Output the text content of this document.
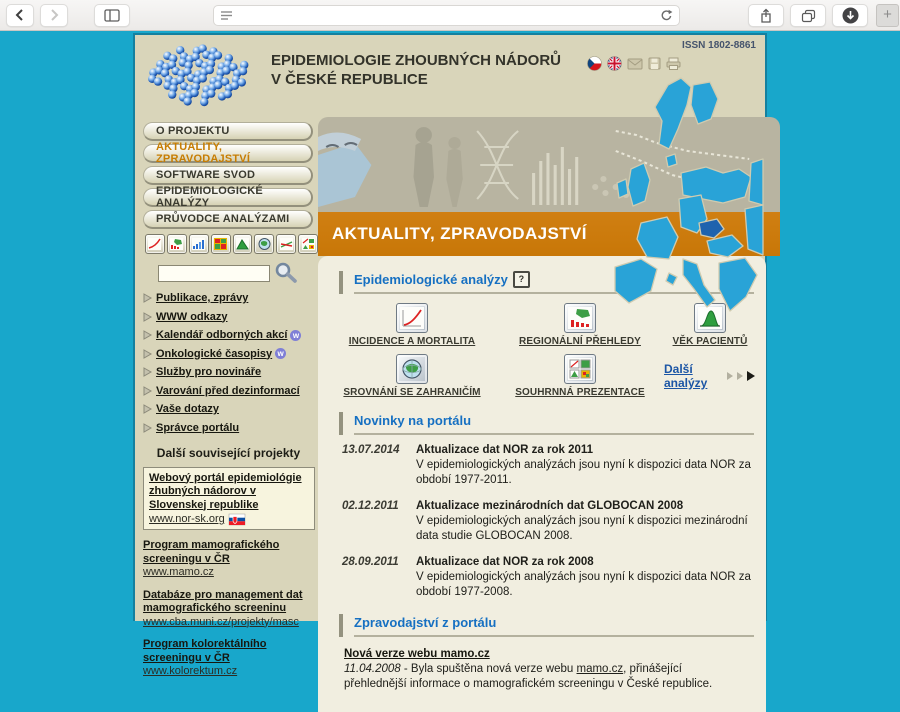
+
ISSN 1802-8861
EPIDEMIOLOGIE ZHOUBNÝCH NÁDORŮ
V ČESKÉ REPUBLICE
O PROJEKTU
AKTUALITY, ZPRAVODAJSTVÍ
SOFTWARE SVOD
EPIDEMIOLOGICKÉ ANALÝZY
PRŮVODCE ANALÝZAMI
Publikace, zprávy
WWW odkazy
Kalendář odborných akcí w
Onkologické časopisy w
Služby pro novináře
Varování před dezinformací
Vaše dotazy
Správce portálu
Další související projekty
Webový portál epidemiológie zhubných nádorov v Slovenskej republike
www.nor-sk.org
Program mamografického screeningu v ČR
www.mamo.cz
Databáze pro management dat mamografického screeninu
www.cba.muni.cz/projekty/masc
Program kolorektálního screeningu v ČR
www.kolorektum.cz
AKTUALITY, ZPRAVODAJSTVÍ
Epidemiologické analýzy	?
INCIDENCE A MORTALITA	REGIONÁLNÍ PŘEHLEDY	VĚK PACIENTŮ
SROVNÁNÍ SE ZAHRANIČÍM	SOUHRNNÁ PREZENTACE
Další analýzy
Novinky na portálu
13.07.2014	Aktualizace dat NOR za rok 2011
V epidemiologických analýzách jsou nyní k dispozici data NOR za období 1977-2011.
02.12.2011	Aktualizace mezinárodních dat GLOBOCAN 2008
V epidemiologických analýzách jsou nyní k dispozici mezinárodní data studie GLOBOCAN 2008.
28.09.2011	Aktualizace dat NOR za rok 2008
V epidemiologických analýzách jsou nyní k dispozici data NOR za období 1977-2008.
Zpravodajství z portálu
Nová verze webu mamo.cz
11.04.2008 - Byla spuštěna nová verze webu mamo.cz, přinášející přehlednější informace o mamografickém screeningu v České republice.
